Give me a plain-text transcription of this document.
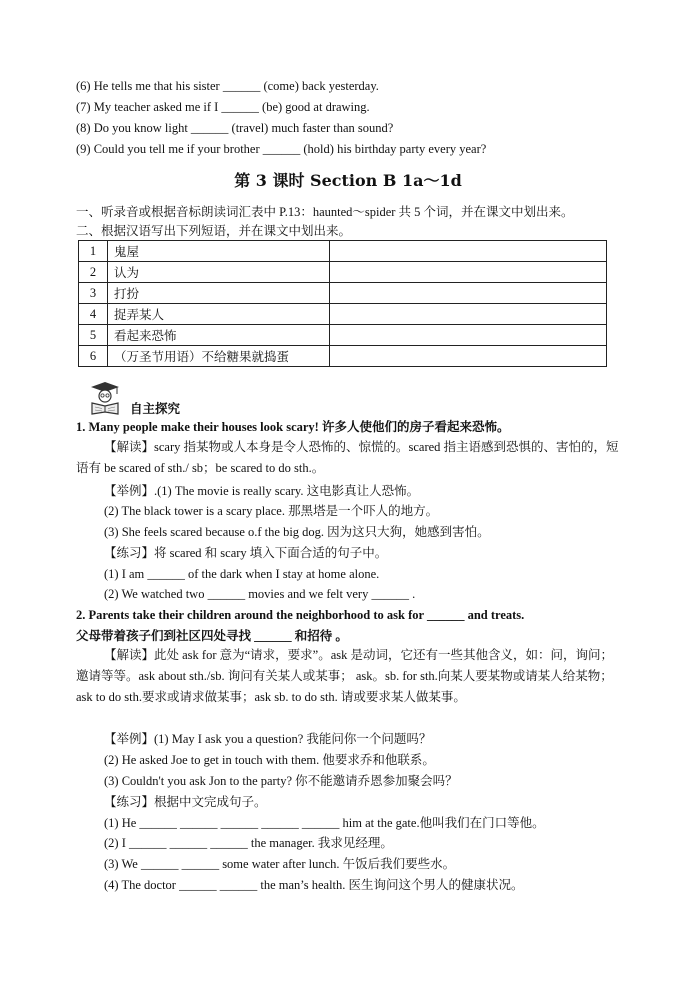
(6) He tells me that his sister ______ (come) back yesterday.
(7) My teacher asked me if I ______ (be) good at drawing.
(8) Do you know light ______ (travel) much faster than sound?
(9) Could you tell me if your brother ______ (hold) his birthday party every year?
第 3 课时 Section B 1a～1d
一、听录音或根据音标朗读词汇表中 P.13：haunted～spider 共 5 个词，并在课文中划出来。
二、根据汉语写出下列短语，并在课文中划出来。
1	鬼屋	
2	认为	
3	打扮	
4	捉弄某人	
5	看起来恐怖	
6	（万圣节用语）不给糖果就捣蛋	
自主探究
1. Many people make their houses look scary! 许多人使他们的房子看起来恐怖。
【解读】scary 指某物或人本身是令人恐怖的、惊慌的。scared 指主语感到恐惧的、害怕的，短语有 be scared of sth./ sb；be scared to do sth.。
【举例】.(1) The movie is really scary. 这电影真让人恐怖。
(2) The black tower is a scary place. 那黑塔是一个吓人的地方。
(3) She feels scared because o.f the big dog. 因为这只大狗，她感到害怕。
【练习】将 scared 和 scary 填入下面合适的句子中。
(1) I am ______ of the dark when I stay at home alone.
(2) We watched two ______ movies and we felt very ______ .
2. Parents take their children around the neighborhood to ask for ______ and treats.
父母带着孩子们到社区四处寻找 ______ 和招待 。
【解读】此处 ask for 意为“请求，要求”。ask 是动词，它还有一些其他含义，如：问，询问；邀请等等。ask about sth./sb. 询问有关某人或某事； ask。sb. for sth.向某人要某物或请某人给某物；ask to do sth.要求或请求做某事；ask sb. to do sth. 请或要求某人做某事。
【举例】(1) May I ask you a question? 我能问你一个问题吗？
(2) He asked Joe to get in touch with them. 他要求乔和他联系。
(3) Couldn't you ask Jon to the party? 你不能邀请乔恩参加聚会吗？
【练习】根据中文完成句子。
(1) He ______ ______ ______ ______ ______ him at the gate.他叫我们在门口等他。
(2) I ______ ______ ______ the manager. 我求见经理。
(3) We ______ ______ some water after lunch. 午饭后我们要些水。
(4) The doctor ______ ______ the man’s health. 医生询问这个男人的健康状况。
